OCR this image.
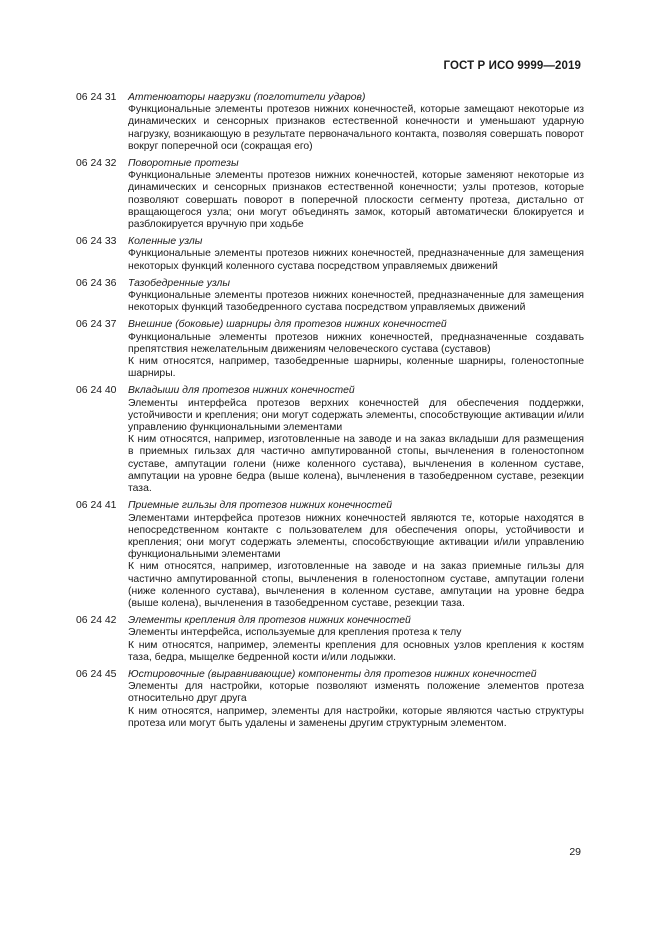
ГОСТ Р ИСО 9999—2019
06 24 31	Аттенюаторы нагрузки (поглотители ударов)
Функциональные элементы протезов нижних конечностей, которые замещают некоторые из динамических и сенсорных признаков естественной конечности и уменьшают ударную нагрузку, возникающую в результате первоначального контакта, позволяя совершать поворот вокруг поперечной оси (сокращая его)
06 24 32	Поворотные протезы
Функциональные элементы протезов нижних конечностей, которые заменяют некоторые из динамических и сенсорных признаков естественной конечности; узлы протезов, которые позволяют совершать поворот в поперечной плоскости сегменту протеза, дистально от вращающегося узла; они могут объединять замок, который автоматически блокируется и разблокируется вручную при ходьбе
06 24 33	Коленные узлы
Функциональные элементы протезов нижних конечностей, предназначенные для замещения некоторых функций коленного сустава посредством управляемых движений
06 24 36	Тазобедренные узлы
Функциональные элементы протезов нижних конечностей, предназначенные для замещения некоторых функций тазобедренного сустава посредством управляемых движений
06 24 37	Внешние (боковые) шарниры для протезов нижних конечностей
Функциональные элементы протезов нижних конечностей, предназначенные создавать препятствия нежелательным движениям человеческого сустава (суставов)
К ним относятся, например, тазобедренные шарниры, коленные шарниры, голеностопные шарниры.
06 24 40	Вкладыши для протезов нижних конечностей
Элементы интерфейса протезов верхних конечностей для обеспечения поддержки, устойчивости и крепления; они могут содержать элементы, способствующие активации и/или управлению функциональными элементами
К ним относятся, например, изготовленные на заводе и на заказ вкладыши для размещения в приемных гильзах для частично ампутированной стопы, вычленения в голеностопном суставе, ампутации голени (ниже коленного сустава), вычленения в коленном суставе, ампутации на уровне бедра (выше колена), вычленения в тазобедренном суставе, резекции таза.
06 24 41	Приемные гильзы для протезов нижних конечностей
Элементами интерфейса протезов нижних конечностей являются те, которые находятся в непосредственном контакте с пользователем для обеспечения опоры, устойчивости и крепления; они могут содержать элементы, способствующие активации и/или управлению функциональными элементами
К ним относятся, например, изготовленные на заводе и на заказ приемные гильзы для частично ампутированной стопы, вычленения в голеностопном суставе, ампутации голени (ниже коленного сустава), вычленения в коленном суставе, ампутации на уровне бедра (выше колена), вычленения в тазобедренном суставе, резекции таза.
06 24 42	Элементы крепления для протезов нижних конечностей
Элементы интерфейса, используемые для крепления протеза к телу
К ним относятся, например, элементы крепления для основных узлов крепления к костям таза, бедра, мыщелке бедренной кости и/или лодыжки.
06 24 45	Юстировочные (выравнивающие) компоненты для протезов нижних конечностей
Элементы для настройки, которые позволяют изменять положение элементов протеза относительно друг друга
К ним относятся, например, элементы для настройки, которые являются частью структуры протеза или могут быть удалены и заменены другим структурным элементом.
29
